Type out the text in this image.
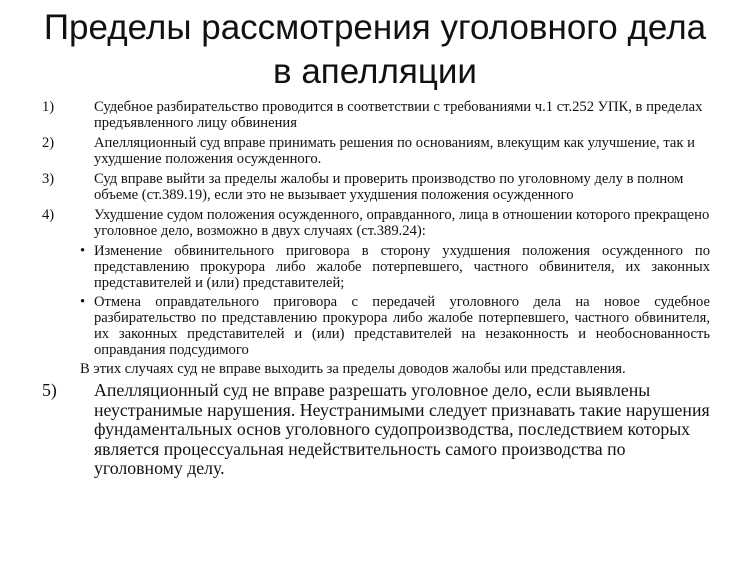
Пределы рассмотрения уголовного дела
в апелляции
1)	Судебное разбирательство проводится в соответствии с требованиями ч.1 ст.252 УПК, в пределах предъявленного лицу обвинения
2)	Апелляционный суд вправе принимать решения по основаниям, влекущим как улучшение, так и ухудшение положения осужденного.
3)	Суд вправе выйти за пределы жалобы и проверить производство по уголовному делу в полном объеме (ст.389.19), если это не вызывает ухудшения положения осужденного
4)	Ухудшение судом положения осужденного, оправданного, лица в отношении которого прекращено уголовное дело, возможно в двух случаях (ст.389.24):
• Изменение обвинительного приговора в сторону ухудшения положения осужденного по представлению прокурора либо жалобе потерпевшего, частного обвинителя, их законных представителей и (или) представителей;
• Отмена оправдательного приговора с передачей уголовного дела на новое судебное разбирательство по представлению прокурора либо жалобе потерпевшего, частного обвинителя, их законных представителей и (или) представителей на незаконность и необоснованность оправдания подсудимого
В этих случаях суд не вправе выходить за пределы доводов жалобы или представления.
5) Апелляционный суд не вправе разрешать уголовное дело, если выявлены неустранимые нарушения. Неустранимыми следует признавать такие нарушения фундаментальных основ уголовного судопроизводства, последствием которых является процессуальная недействительность самого производства по уголовному делу.
